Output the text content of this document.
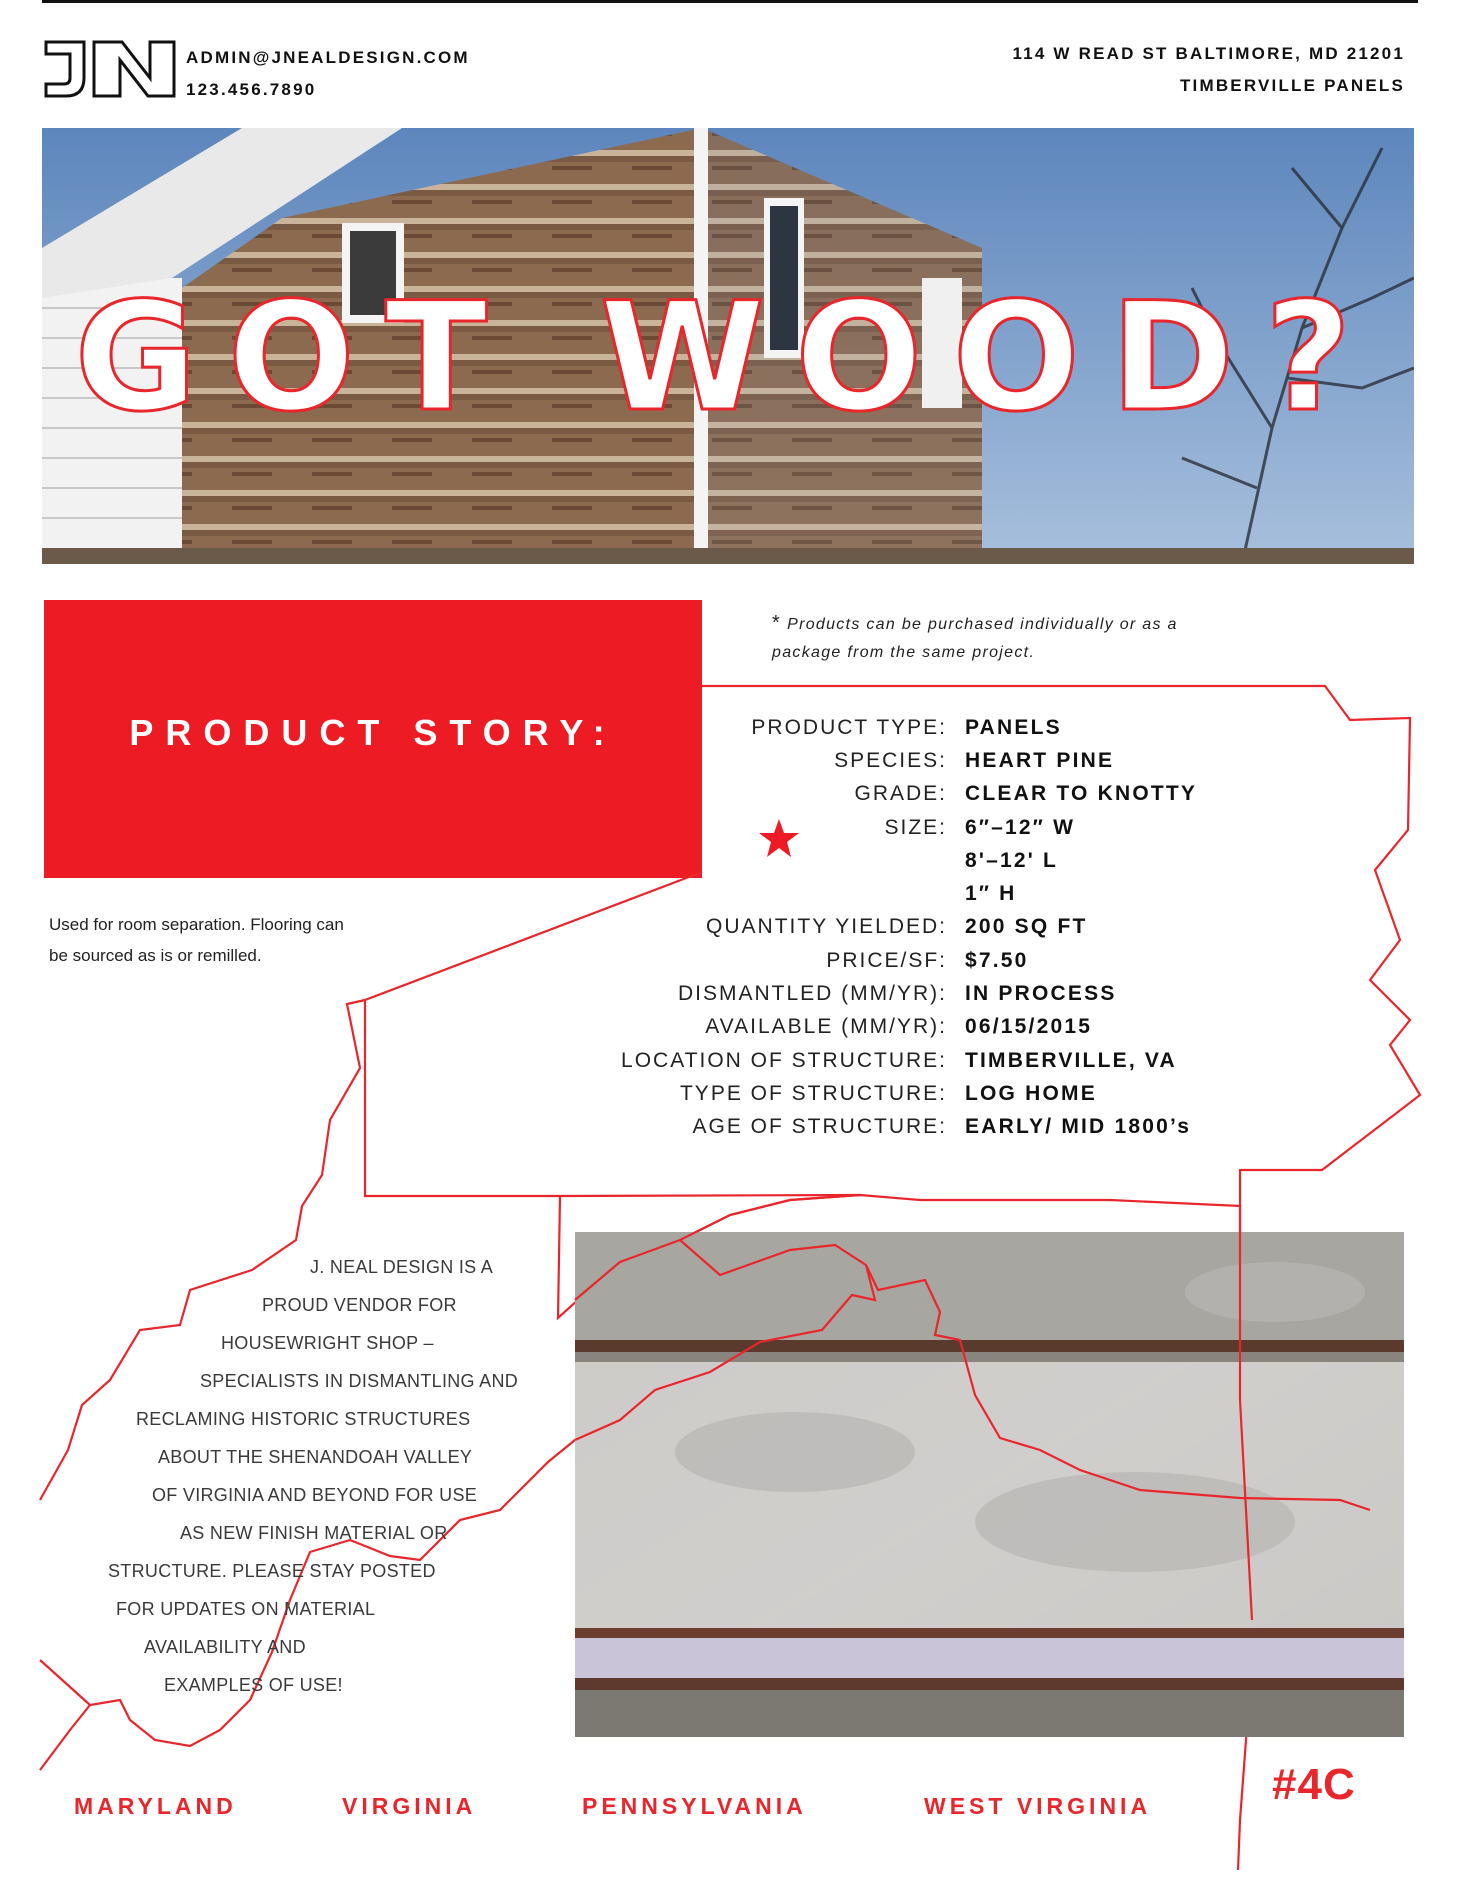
ADMIN@JNEALDESIGN.COM
123.456.7890
114 W READ ST BALTIMORE, MD 21201
TIMBERVILLE PANELS
GOT WOOD?
PRODUCT STORY:
* Products can be purchased individually or as a package from the same project.
PRODUCT TYPE: PANELS
SPECIES: HEART PINE
GRADE: CLEAR TO KNOTTY
SIZE: 6″–12″ W
8'–12' L
1″ H
QUANTITY YIELDED: 200 SQ FT
PRICE/SF: $7.50
DISMANTLED (MM/YR): IN PROCESS
AVAILABLE (MM/YR): 06/15/2015
LOCATION OF STRUCTURE: TIMBERVILLE, VA
TYPE OF STRUCTURE: LOG HOME
AGE OF STRUCTURE: EARLY/ MID 1800’s
Used for room separation. Flooring can be sourced as is or remilled.
J. NEAL DESIGN IS A
PROUD VENDOR FOR
HOUSEWRIGHT SHOP –
SPECIALISTS IN DISMANTLING AND
RECLAMING HISTORIC STRUCTURES
ABOUT THE SHENANDOAH VALLEY
OF VIRGINIA AND BEYOND FOR USE
AS NEW FINISH MATERIAL OR
STRUCTURE. PLEASE STAY POSTED
FOR UPDATES ON MATERIAL
AVAILABILITY AND
EXAMPLES OF USE!
MARYLAND	VIRGINIA	PENNSYLVANIA	WEST VIRGINIA	#4C
